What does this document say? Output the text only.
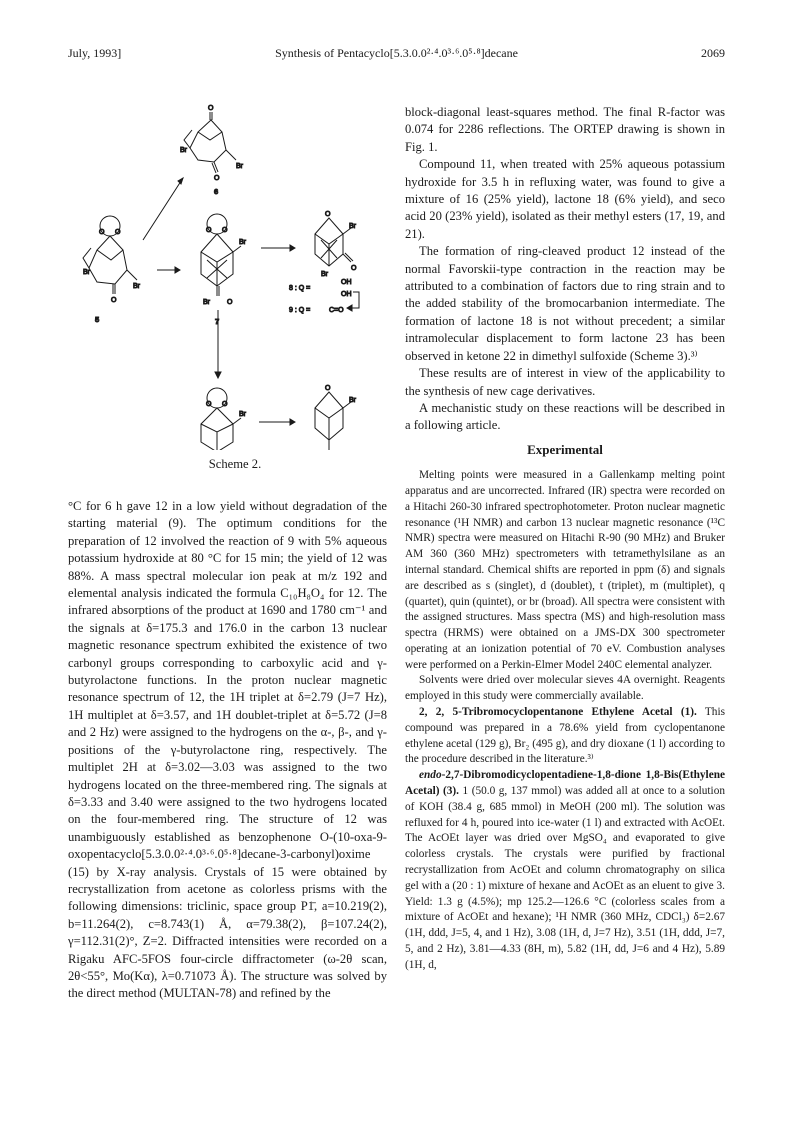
Synthesis of Pentacyclo[5.3.0.0²·⁴.0³·⁶.0⁵·⁸]decane
July, 1993]	2069
O
Br
Br
O
6
O O
Br
Br
O
5
O O
Br
Br O
7
O
Br
Br
O
8 : Q =
OH
OH
9 : Q =	C=O
O O
Br
O
Br
Scheme 2.

°C for 6 h gave 12 in a low yield without degradation of the starting material (9). The optimum conditions for the preparation of 12 involved the reaction of 9 with 5% aqueous potassium hydroxide at 80 °C for 15 min; the yield of 12 was 88%. A mass spectral molecular ion peak at m/z 192 and elemental analysis indicated the formula C₁₀H₈O₄ for 12. The infrared absorptions of the product at 1690 and 1780 cm⁻¹ and the signals at δ=175.3 and 176.0 in the carbon 13 nuclear magnetic resonance spectrum exhibited the existence of two carbonyl groups corresponding to carboxylic acid and γ-butyrolactone functions. In the proton nuclear magnetic resonance spectrum of 12, the 1H triplet at δ=2.79 (J=7 Hz), 1H multiplet at δ=3.57, and 1H doublet-triplet at δ=5.72 (J=8 and 2 Hz) were assigned to the hydrogens on the α-, β-, and γ-positions of the γ-butyrolactone ring, respectively. The multiplet 2H at δ=3.02—3.03 was assigned to the two hydrogens located on the three-membered ring. The signals at δ=3.33 and 3.40 were assigned to the two hydrogens located on the four-membered ring. The structure of 12 was unambiguously established as benzophenone O-(10-oxa-9-oxopentacyclo[5.3.0.0²·⁴.0³·⁶.0⁵·⁸]decane-3-carbonyl)oxime (15) by X-ray analysis. Crystals of 15 were obtained by recrystallization from acetone as colorless prisms with the following dimensions: triclinic, space group P1̄, a=10.219(2), b=11.264(2), c=8.743(1) Å, α=79.38(2), β=107.24(2), γ=112.31(2)°, Z=2. Diffracted intensities were recorded on a Rigaku AFC-5FOS four-circle diffractometer (ω-2θ scan, 2θ<55°, Mo(Kα), λ=0.71073 Å). The structure was solved by the direct method (MULTAN-78) and refined by the

block-diagonal least-squares method. The final R-factor was 0.074 for 2286 reflections. The ORTEP drawing is shown in Fig. 1.

Compound 11, when treated with 25% aqueous potassium hydroxide for 3.5 h in refluxing water, was found to give a mixture of 16 (25% yield), lactone 18 (6% yield), and seco acid 20 (23% yield), isolated as their methyl esters (17, 19, and 21).

The formation of ring-cleaved product 12 instead of the normal Favorskii-type contraction in the reaction may be attributed to a combination of factors due to ring strain and to the added stability of the bromocarbanion intermediate. The formation of lactone 18 is not without precedent; a similar intramolecular displacement to form lactone 23 has been observed in ketone 22 in dimethyl sulfoxide (Scheme 3).³⁾

These results are of interest in view of the applicability to the synthesis of new cage derivatives.

A mechanistic study on these reactions will be described in a following article.

Experimental

Melting points were measured in a Gallenkamp melting point apparatus and are uncorrected. Infrared (IR) spectra were recorded on a Hitachi 260-30 infrared spectrophotometer. Proton nuclear magnetic resonance (¹H NMR) and carbon 13 nuclear magnetic resonance (¹³C NMR) spectra were measured on Hitachi R-90 (90 MHz) and Bruker AM 360 (360 MHz) spectrometers with tetramethylsilane as an internal standard. Chemical shifts are reported in ppm (δ) and signals are described as s (singlet), d (doublet), t (triplet), m (multiplet), q (quartet), quin (quintet), or br (broad). All spectra were consistent with the assigned structures. Mass spectra (MS) and high-resolution mass spectra (HRMS) were obtained on a JMS-DX 300 spectrometer operating at an ionization potential of 70 eV. Combustion analyses were performed on a Perkin-Elmer Model 240C elemental analyzer.

Solvents were dried over molecular sieves 4A overnight. Reagents employed in this study were commercially available.

2, 2, 5-Tribromocyclopentanone Ethylene Acetal (1). This compound was prepared in a 78.6% yield from cyclopentanone ethylene acetal (129 g), Br₂ (495 g), and dry dioxane (1 l) according to the procedure described in the literature.³⁾

endo-2,7-Dibromodicyclopentadiene-1,8-dione 1,8-Bis(Ethylene Acetal) (3). 1 (50.0 g, 137 mmol) was added all at once to a solution of KOH (38.4 g, 685 mmol) in MeOH (200 ml). The solution was refluxed for 4 h, poured into ice-water (1 l) and extracted with AcOEt. The AcOEt layer was dried over MgSO₄ and evaporated to give colorless crystals. The crystals were purified by fractional recrystallization from AcOEt and column chromatography on silica gel with a (20 : 1) mixture of hexane and AcOEt as an eluent to give 3. Yield: 1.3 g (4.5%); mp 125.2—126.6 °C (colorless scales from a mixture of AcOEt and hexane); ¹H NMR (360 MHz, CDCl₃) δ=2.67 (1H, ddd, J=5, 4, and 1 Hz), 3.08 (1H, d, J=7 Hz), 3.51 (1H, ddd, J=7, 5, and 2 Hz), 3.81—4.33 (8H, m), 5.82 (1H, dd, J=6 and 4 Hz), 5.89 (1H, d,
